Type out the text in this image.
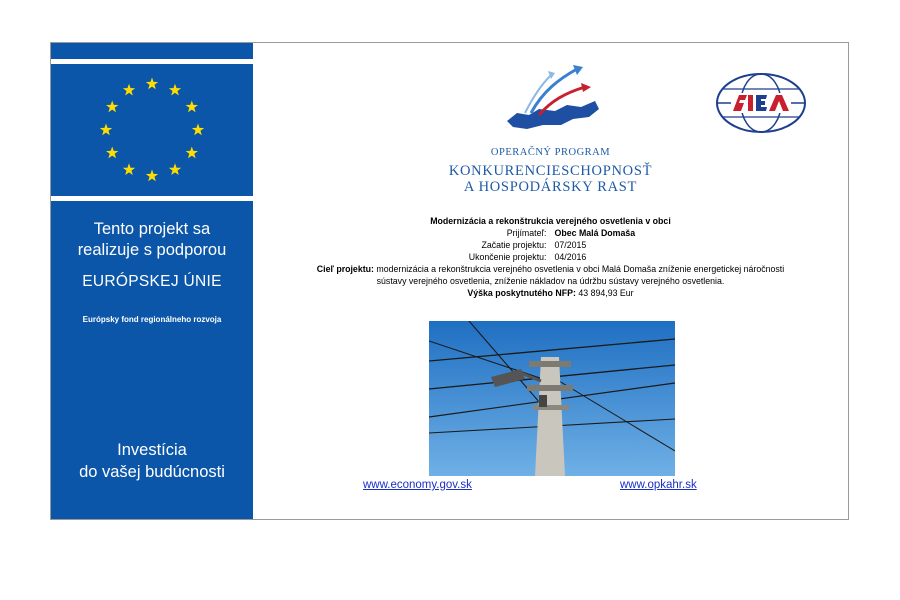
Tento projekt sa
realizuje s podporou
EURÓPSKEJ ÚNIE
Európsky fond regionálneho rozvoja
Investícia
do vašej budúcnosti
OPERAČNÝ PROGRAM
KONKURENCIESCHOPNOSŤ
A HOSPODÁRSKY RAST
Modernizácia a rekonštrukcia verejného osvetlenia v obci
Prijímateľ: Obec Malá Domaša
Začatie projektu: 07/2015
Ukončenie projektu: 04/2016
Cieľ projektu: modernizácia a rekonštrukcia verejného osvetlenia v obci Malá Domaša zníženie energetickej náročnosti
sústavy verejného osvetlenia, zníženie nákladov na údržbu sústavy verejného osvetlenia.
Výška poskytnutého NFP: 43 894,93 Eur
www.economy.gov.sk	www.opkahr.sk
